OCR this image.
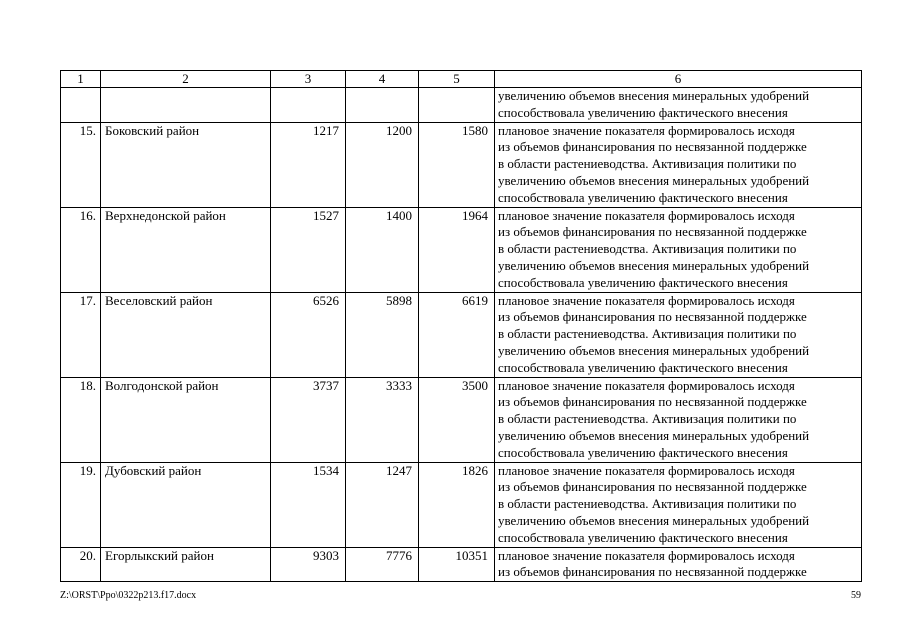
1	2	3	4	5	6

					увеличению объемов внесения минеральных удобрений
способствовала увеличению фактического внесения

15.	Боковский район	1217	1200	1580	плановое значение показателя формировалось исходя
из объемов финансирования по несвязанной поддержке
в области растениеводства. Активизация политики по
увеличению объемов внесения минеральных удобрений
способствовала увеличению фактического внесения

16.	Верхнедонской район	1527	1400	1964	плановое значение показателя формировалось исходя
из объемов финансирования по несвязанной поддержке
в области растениеводства. Активизация политики по
увеличению объемов внесения минеральных удобрений
способствовала увеличению фактического внесения

17.	Веселовский район	6526	5898	6619	плановое значение показателя формировалось исходя
из объемов финансирования по несвязанной поддержке
в области растениеводства. Активизация политики по
увеличению объемов внесения минеральных удобрений
способствовала увеличению фактического внесения

18.	Волгодонской район	3737	3333	3500	плановое значение показателя формировалось исходя
из объемов финансирования по несвязанной поддержке
в области растениеводства. Активизация политики по
увеличению объемов внесения минеральных удобрений
способствовала увеличению фактического внесения

19.	Дубовский район	1534	1247	1826	плановое значение показателя формировалось исходя
из объемов финансирования по несвязанной поддержке
в области растениеводства. Активизация политики по
увеличению объемов внесения минеральных удобрений
способствовала увеличению фактического внесения

20.	Егорлыкский район	9303	7776	10351	плановое значение показателя формировалось исходя
из объемов финансирования по несвязанной поддержке
Z:\ORST\Ppo\0322p213.f17.docx	59
